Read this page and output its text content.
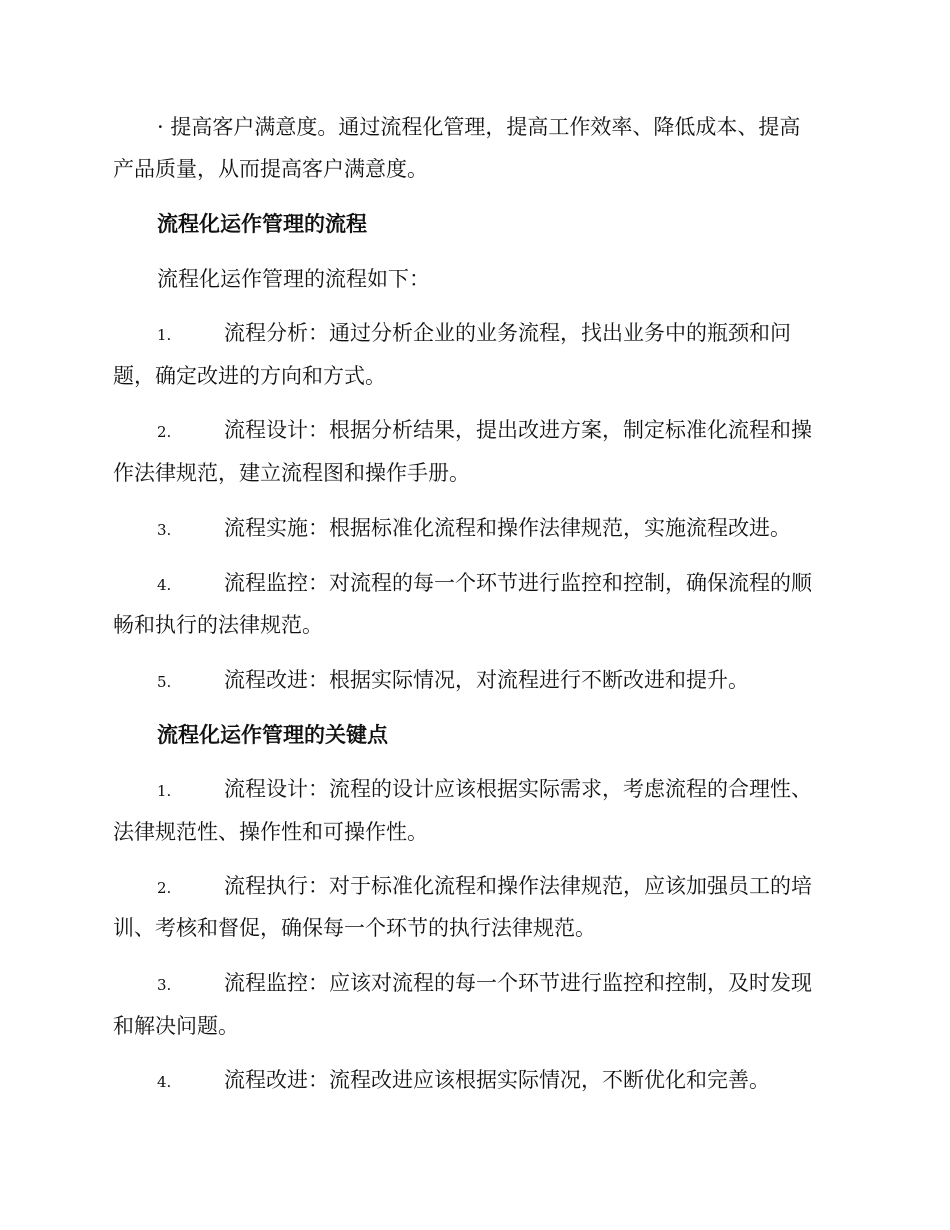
· 提高客户满意度。通过流程化管理，提高工作效率、降低成本、提高
产品质量，从而提高客户满意度。
流程化运作管理的流程
流程化运作管理的流程如下：
1.	流程分析：通过分析企业的业务流程，找出业务中的瓶颈和问
题，确定改进的方向和方式。
2.	流程设计：根据分析结果，提出改进方案，制定标准化流程和操
作法律规范，建立流程图和操作手册。
3.	流程实施：根据标准化流程和操作法律规范，实施流程改进。
4.	流程监控：对流程的每一个环节进行监控和控制，确保流程的顺
畅和执行的法律规范。
5.	流程改进：根据实际情况，对流程进行不断改进和提升。
流程化运作管理的关键点
1.	流程设计：流程的设计应该根据实际需求，考虑流程的合理性、
法律规范性、操作性和可操作性。
2.	流程执行：对于标准化流程和操作法律规范，应该加强员工的培
训、考核和督促，确保每一个环节的执行法律规范。
3.	流程监控：应该对流程的每一个环节进行监控和控制，及时发现
和解决问题。
4.	流程改进：流程改进应该根据实际情况，不断优化和完善。
